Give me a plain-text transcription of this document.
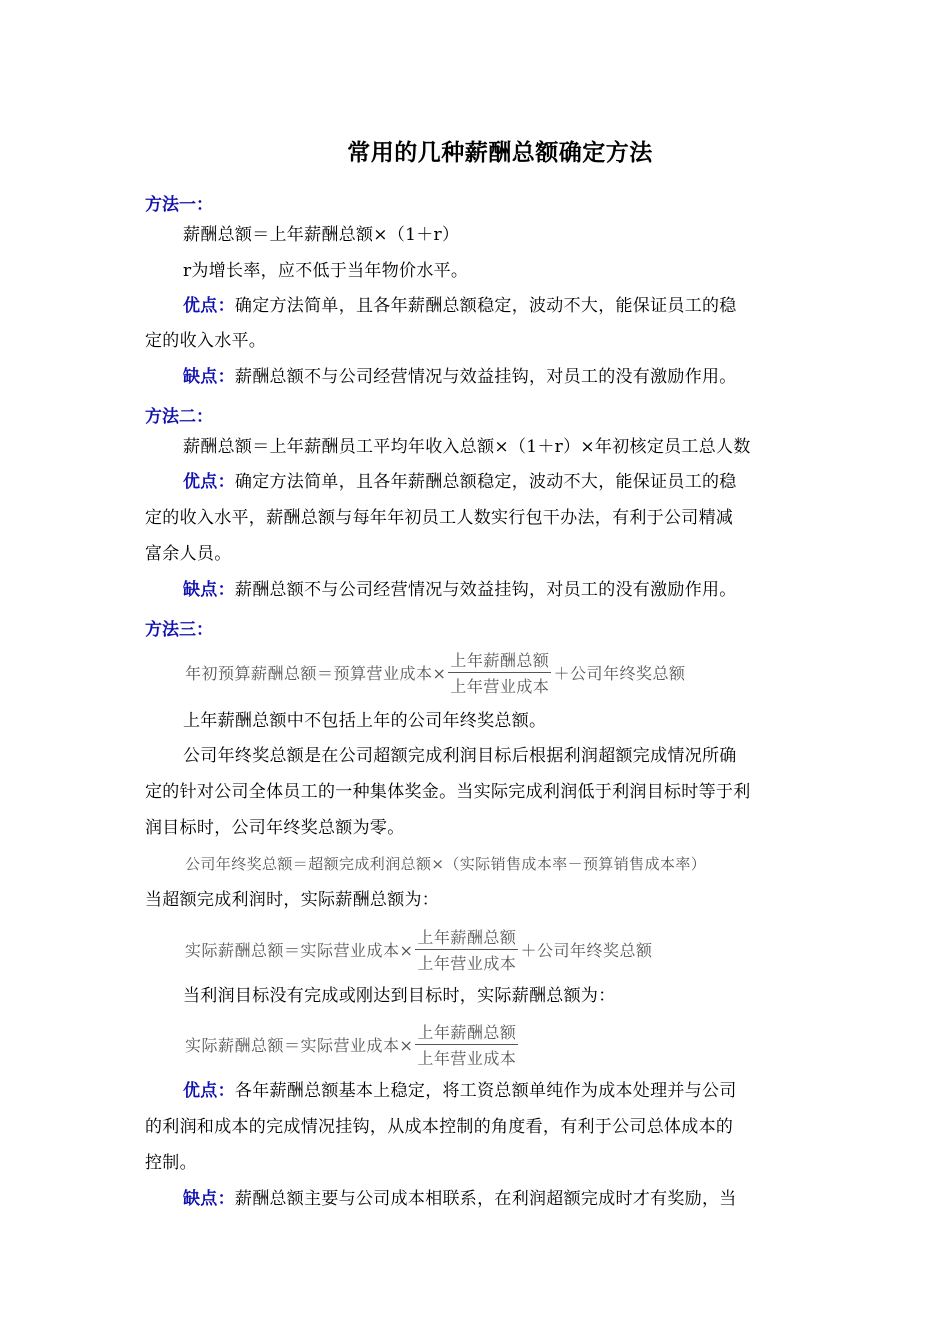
常用的几种薪酬总额确定方法
方法一：
薪酬总额＝上年薪酬总额×（1＋r）
r为增长率，应不低于当年物价水平。
优点：确定方法简单，且各年薪酬总额稳定，波动不大，能保证员工的稳
定的收入水平。
缺点：薪酬总额不与公司经营情况与效益挂钩，对员工的没有激励作用。
方法二：
薪酬总额＝上年薪酬员工平均年收入总额×（1＋r）×年初核定员工总人数
优点：确定方法简单，且各年薪酬总额稳定，波动不大，能保证员工的稳
定的收入水平，薪酬总额与每年年初员工人数实行包干办法，有利于公司精减
富余人员。
缺点：薪酬总额不与公司经营情况与效益挂钩，对员工的没有激励作用。
方法三：
年初预算薪酬总额＝预算营业成本× $\frac{\text{上年薪酬总额}}{\text{上年营业成本}}$ ＋公司年终奖总额
上年薪酬总额中不包括上年的公司年终奖总额。
公司年终奖总额是在公司超额完成利润目标后根据利润超额完成情况所确
定的针对公司全体员工的一种集体奖金。当实际完成利润低于利润目标时等于利
润目标时，公司年终奖总额为零。
公司年终奖总额＝超额完成利润总额×（实际销售成本率－预算销售成本率）
当超额完成利润时，实际薪酬总额为：
实际薪酬总额＝实际营业成本× $\frac{\text{上年薪酬总额}}{\text{上年营业成本}}$ ＋公司年终奖总额
当利润目标没有完成或刚达到目标时，实际薪酬总额为：
实际薪酬总额＝实际营业成本× $\frac{\text{上年薪酬总额}}{\text{上年营业成本}}$
优点：各年薪酬总额基本上稳定，将工资总额单纯作为成本处理并与公司
的利润和成本的完成情况挂钩，从成本控制的角度看，有利于公司总体成本的
控制。
缺点：薪酬总额主要与公司成本相联系，在利润超额完成时才有奖励，当
